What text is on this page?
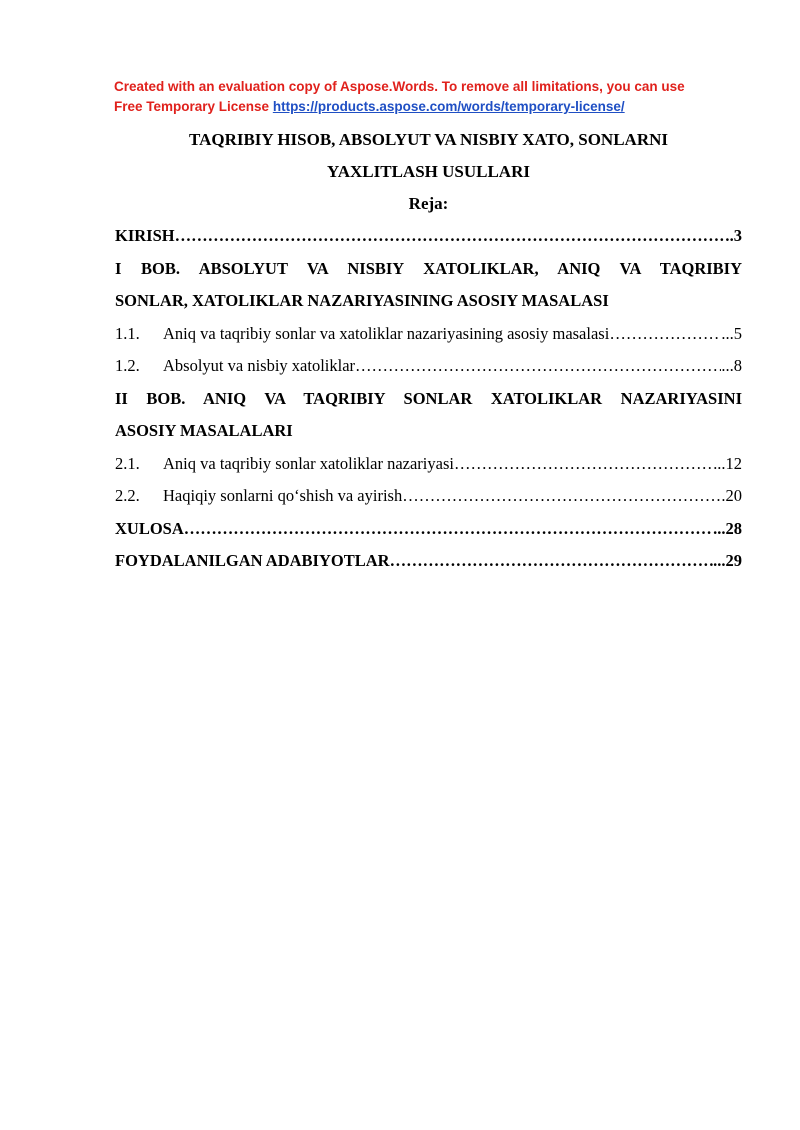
Created with an evaluation copy of Aspose.Words. To remove all limitations, you can use
Free Temporary License https://products.aspose.com/words/temporary-license/
TAQRIBIY HISOB, ABSOLYUT VA NISBIY XATO, SONLARNI
YAXLITLASH USULLARI
Reja:
KIRISH ………………………………………………………………………………………………………………………………………………	.3
I BOB. ABSOLYUT VA NISBIY XATOLIKLAR, ANIQ VA TAQRIBIY
SONLAR, XATOLIKLAR NAZARIYASINING ASOSIY MASALASI
1.1.	Aniq va taqribiy sonlar va xatoliklar nazariyasining asosiy masalasi ………………………………………………………………………………………………………………………………………………	...5
1.2.	Absolyut va nisbiy xatoliklar ………………………………………………………………………………………………………………………………………………	...8
II BOB. ANIQ VA TAQRIBIY SONLAR XATOLIKLAR NAZARIYASINI
ASOSIY MASALALARI
2.1.	Aniq va taqribiy sonlar xatoliklar nazariyasi ………………………………………………………………………………………………………………………………………………	..12
2.2.	Haqiqiy sonlarni qo‘shish va ayirish ………………………………………………………………………………………………………………………………………………	.20
XULOSA ………………………………………………………………………………………………………………………………………………	...28
FOYDALANILGAN ADABIYOTLAR ………………………………………………………………………………………………………………………………………………	...29
